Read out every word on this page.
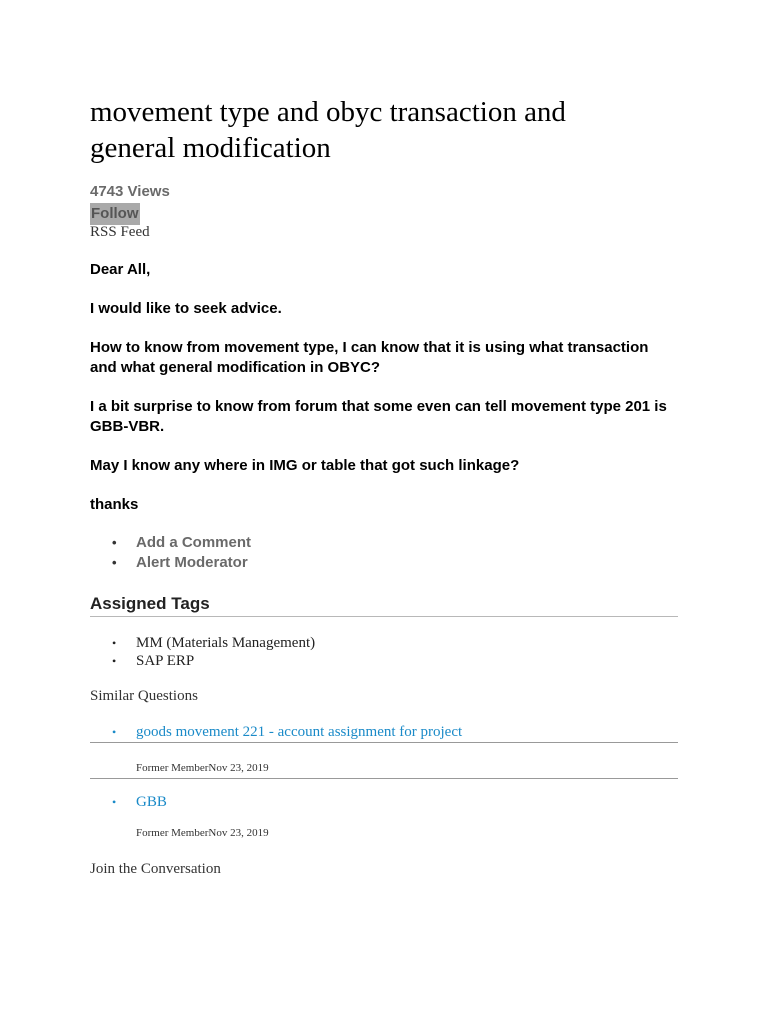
movement type and obyc transaction and general modification
4743 Views
Follow
RSS Feed

Dear All,

I would like to seek advice.

How to know from movement type, I can know that it is using what transaction and what general modification in OBYC?

I a bit surprise to know from forum that some even can tell movement type 201 is GBB-VBR.

May I know any where in IMG or table that got such linkage?

thanks

• Add a Comment
• Alert Moderator
Assigned Tags
• MM (Materials Management)
• SAP ERP
Similar Questions
• goods movement 221 - account assignment for project
Former MemberNov 23, 2019
• GBB
Former MemberNov 23, 2019
Join the Conversation
